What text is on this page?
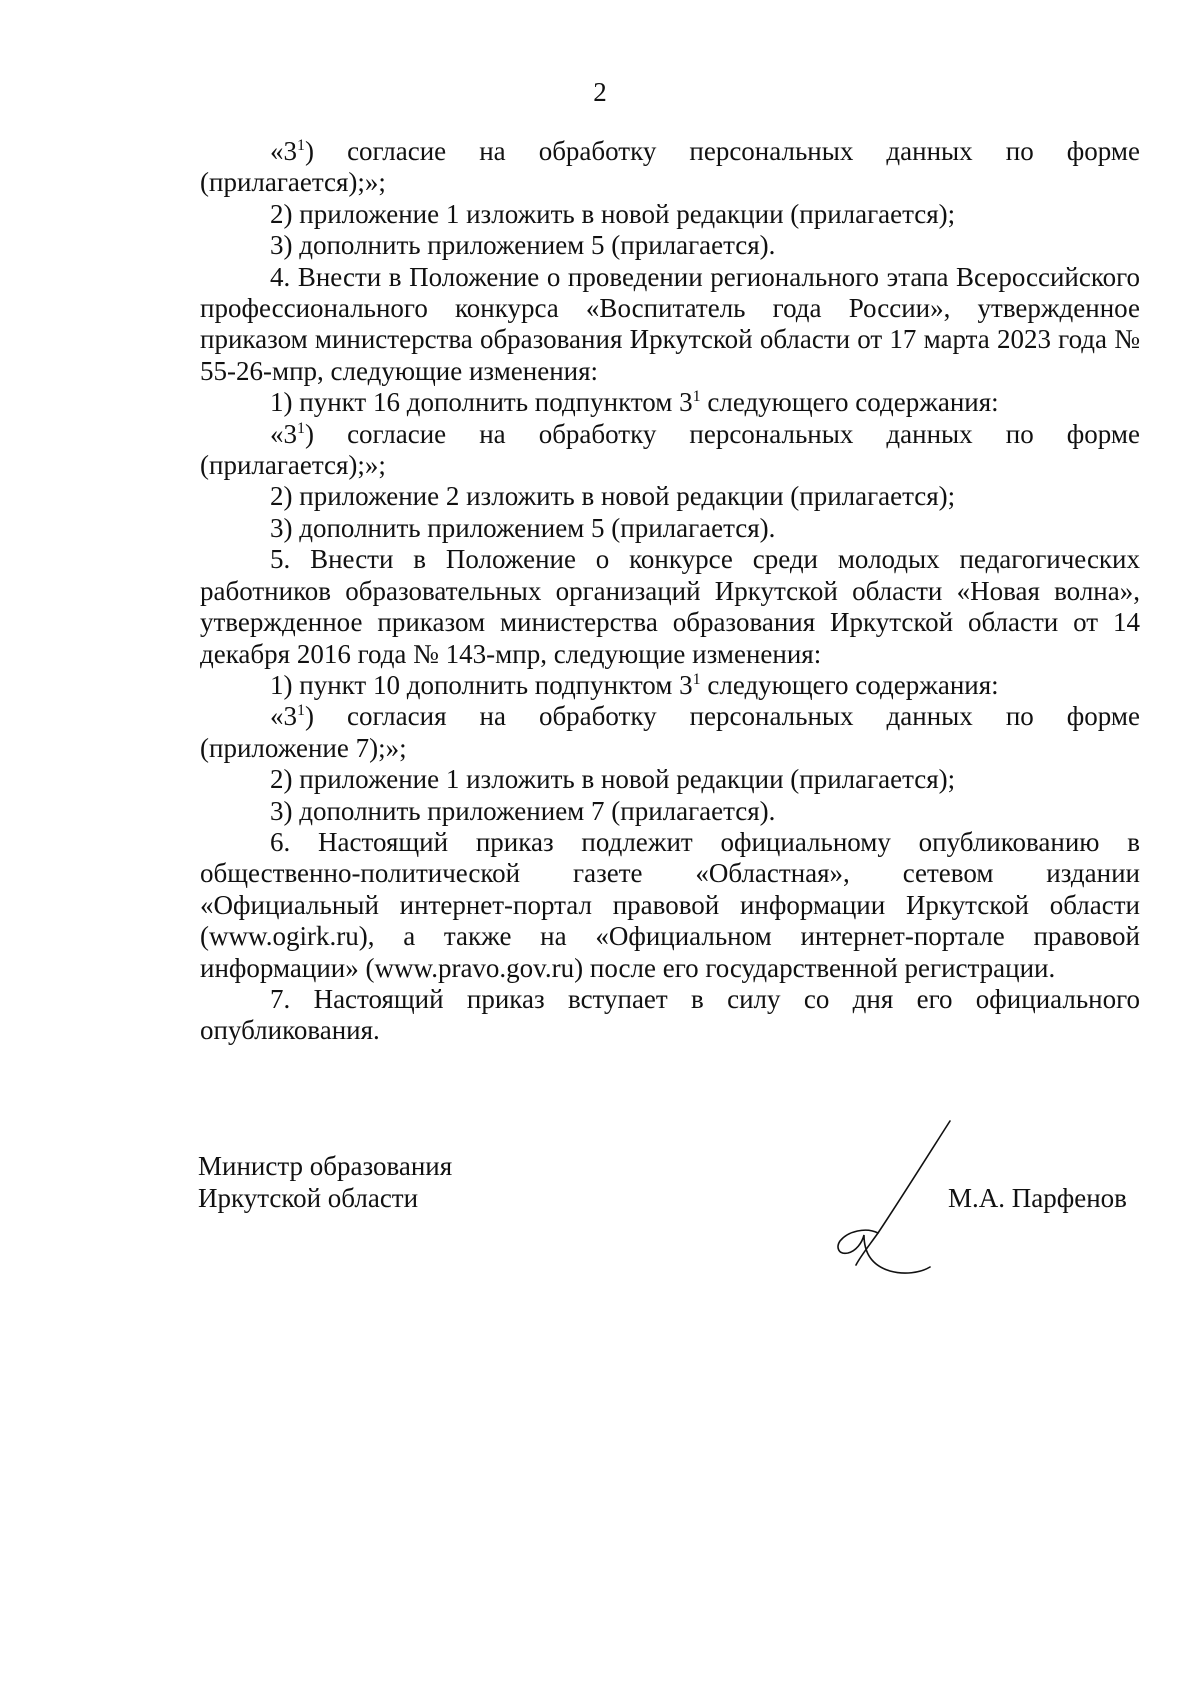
2
«$3^1$) согласие на обработку персональных данных по форме
(прилагается);»;
2) приложение 1 изложить в новой редакции (прилагается);
3) дополнить приложением 5 (прилагается).
4. Внести в Положение о проведении регионального этапа Всероссийского профессионального конкурса «Воспитатель года России», утвержденное приказом министерства образования Иркутской области от 17 марта 2023 года № 55-26-мпр, следующие изменения:
1) пункт 16 дополнить подпунктом $3^1$ следующего содержания:
«$3^1$) согласие на обработку персональных данных по форме
(прилагается);»;
2) приложение 2 изложить в новой редакции (прилагается);
3) дополнить приложением 5 (прилагается).
5. Внести в Положение о конкурсе среди молодых педагогических работников образовательных организаций Иркутской области «Новая волна», утвержденное приказом министерства образования Иркутской области от 14 декабря 2016 года № 143-мпр, следующие изменения:
1) пункт 10 дополнить подпунктом $3^1$ следующего содержания:
«$3^1$) согласия на обработку персональных данных по форме
(приложение 7);»;
2) приложение 1 изложить в новой редакции (прилагается);
3) дополнить приложением 7 (прилагается).
6. Настоящий приказ подлежит официальному опубликованию в общественно-политической газете «Областная», сетевом издании «Официальный интернет-портал правовой информации Иркутской области (www.ogirk.ru), а также на «Официальном интернет-портале правовой информации» (www.pravo.gov.ru) после его государственной регистрации.
7. Настоящий приказ вступает в силу со дня его официального опубликования.
Министр образования
Иркутской области	М.А. Парфенов
